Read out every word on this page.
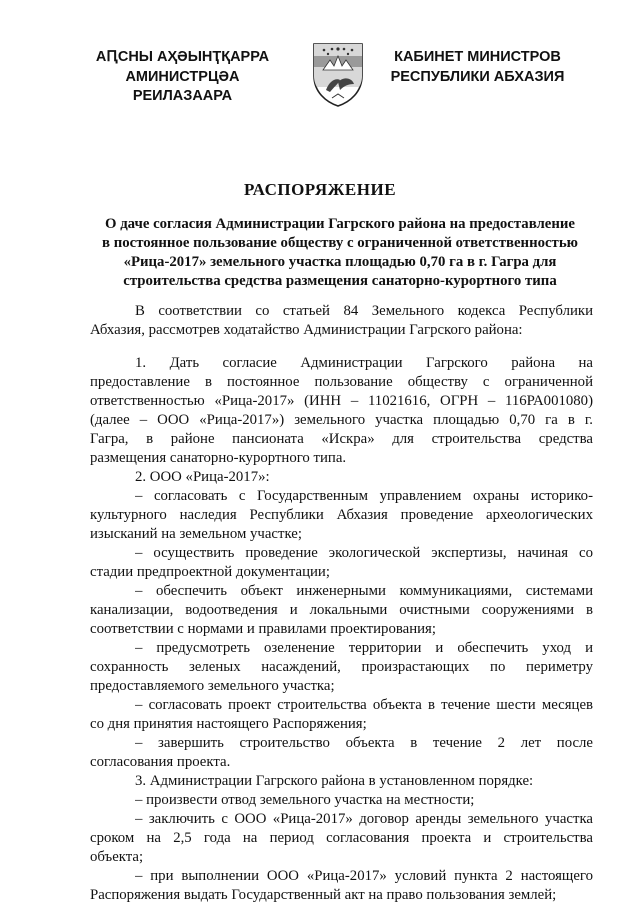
АԤСНЫ АҲӘЫНҬҚАРРА
АМИНИСТРЦӘА РЕИЛАЗААРА
КАБИНЕТ МИНИСТРОВ
РЕСПУБЛИКИ АБХАЗИЯ
РАСПОРЯЖЕНИЕ
О даче согласия Администрации Гагрского района на предоставление
в постоянное пользование обществу с ограниченной ответственностью
«Рица-2017» земельного участка площадью 0,70 га в г. Гагра для
строительства средства размещения санаторно-курортного типа
В соответствии со статьей 84 Земельного кодекса Республики
Абхазия, рассмотрев ходатайство Администрации Гагрского района:
1. Дать согласие Администрации Гагрского района на
предоставление в постоянное пользование обществу с ограниченной
ответственностью «Рица-2017» (ИНН – 11021616, ОГРН – 116РА001080)
(далее – ООО «Рица-2017») земельного участка площадью 0,70 га в г.
Гагра, в районе пансионата «Искра» для строительства средства
размещения санаторно-курортного типа.
2. ООО «Рица-2017»:
– согласовать с Государственным управлением охраны историко-
культурного наследия Республики Абхазия проведение археологических
изысканий на земельном участке;
– осуществить проведение экологической экспертизы, начиная со
стадии предпроектной документации;
– обеспечить объект инженерными коммуникациями, системами
канализации, водоотведения и локальными очистными сооружениями в
соответствии с нормами и правилами проектирования;
– предусмотреть озеленение территории и обеспечить уход и
сохранность зеленых насаждений, произрастающих по периметру
предоставляемого земельного участка;
– согласовать проект строительства объекта в течение шести месяцев
со дня принятия настоящего Распоряжения;
– завершить строительство объекта в течение 2 лет после
согласования проекта.
3. Администрации Гагрского района в установленном порядке:
– произвести отвод земельного участка на местности;
– заключить с ООО «Рица-2017» договор аренды земельного участка
сроком на 2,5 года на период согласования проекта и строительства
объекта;
– при выполнении ООО «Рица-2017» условий пункта 2 настоящего
Распоряжения выдать Государственный акт на право пользования землей;
